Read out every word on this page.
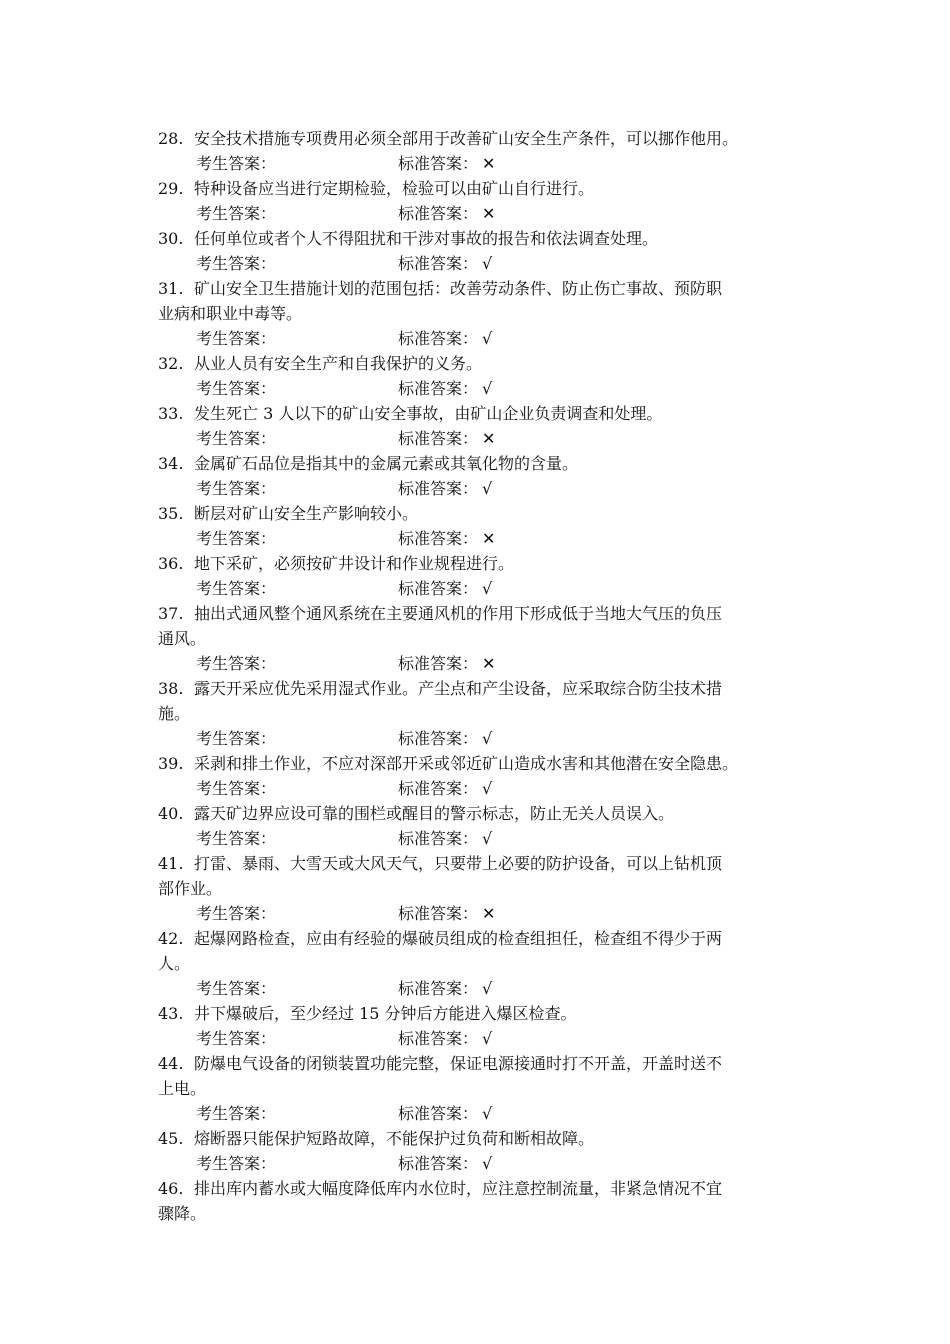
28. 安全技术措施专项费用必须全部用于改善矿山安全生产条件，可以挪作他用。
考生答案：	标准答案： ✕
29. 特种设备应当进行定期检验，检验可以由矿山自行进行。
考生答案：	标准答案： ✕
30. 任何单位或者个人不得阻扰和干涉对事故的报告和依法调查处理。
考生答案：	标准答案： √
31. 矿山安全卫生措施计划的范围包括：改善劳动条件、防止伤亡事故、预防职
业病和职业中毒等。
考生答案：	标准答案： √
32. 从业人员有安全生产和自我保护的义务。
考生答案：	标准答案： √
33. 发生死亡 3 人以下的矿山安全事故，由矿山企业负责调查和处理。
考生答案：	标准答案： ✕
34. 金属矿石品位是指其中的金属元素或其氧化物的含量。
考生答案：	标准答案： √
35. 断层对矿山安全生产影响较小。
考生答案：	标准答案： ✕
36. 地下采矿，必须按矿井设计和作业规程进行。
考生答案：	标准答案： √
37. 抽出式通风整个通风系统在主要通风机的作用下形成低于当地大气压的负压
通风。
考生答案：	标准答案： ✕
38. 露天开采应优先采用湿式作业。产尘点和产尘设备，应采取综合防尘技术措
施。
考生答案：	标准答案： √
39. 采剥和排土作业，不应对深部开采或邻近矿山造成水害和其他潜在安全隐患。
考生答案：	标准答案： √
40. 露天矿边界应设可靠的围栏或醒目的警示标志，防止无关人员误入。
考生答案：	标准答案： √
41. 打雷、暴雨、大雪天或大风天气，只要带上必要的防护设备，可以上钻机顶
部作业。
考生答案：	标准答案： ✕
42. 起爆网路检查，应由有经验的爆破员组成的检查组担任，检查组不得少于两
人。
考生答案：	标准答案： √
43. 井下爆破后，至少经过 15 分钟后方能进入爆区检查。
考生答案：	标准答案： √
44. 防爆电气设备的闭锁装置功能完整，保证电源接通时打不开盖，开盖时送不
上电。
考生答案：	标准答案： √
45. 熔断器只能保护短路故障，不能保护过负荷和断相故障。
考生答案：	标准答案： √
46. 排出库内蓄水或大幅度降低库内水位时，应注意控制流量，非紧急情况不宜
骤降。
